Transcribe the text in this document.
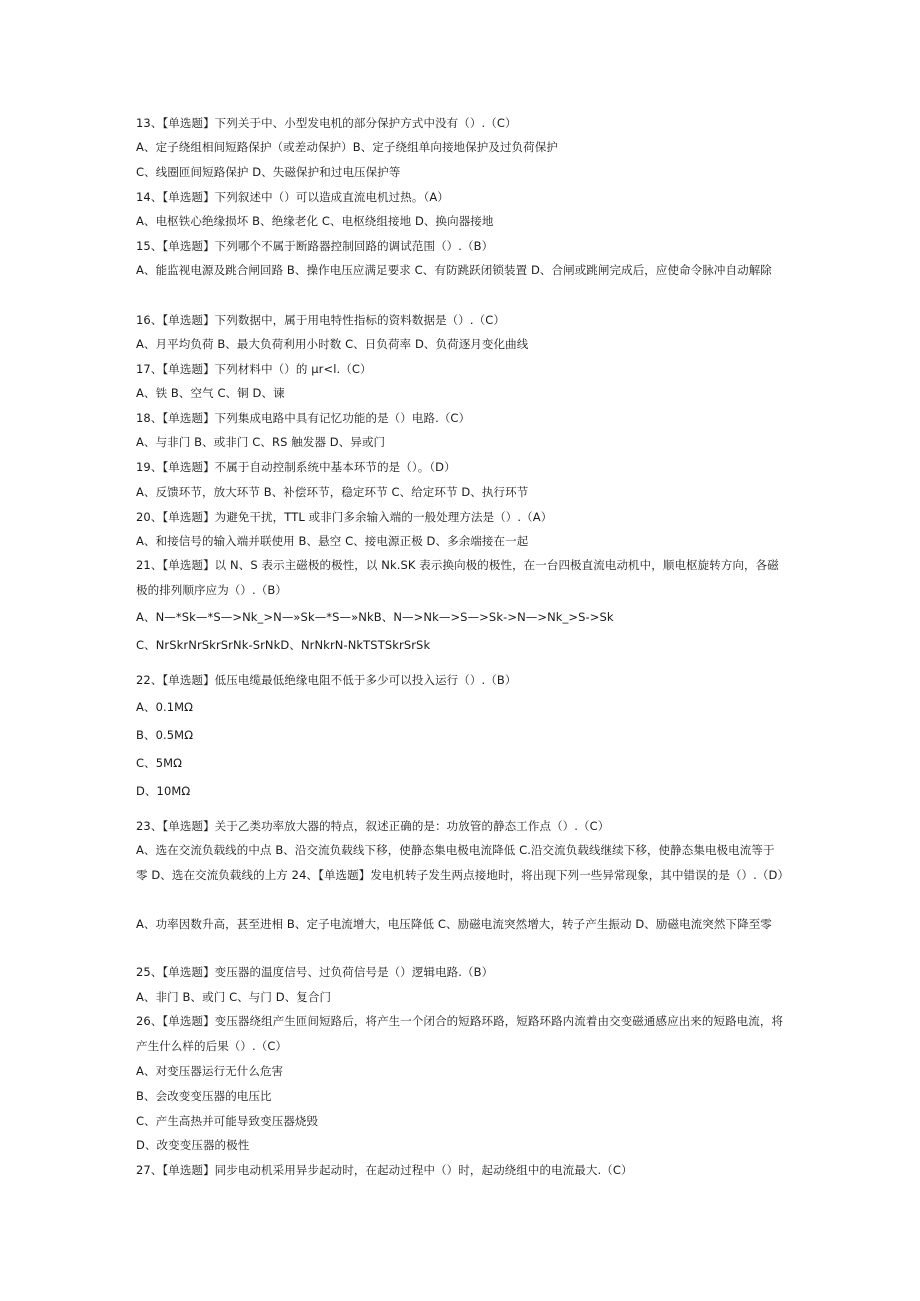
13、【单选题】下列关于中、小型发电机的部分保护方式中没有（）.（C）
A、定子绕组相间短路保护（或差动保护）B、定子绕组单向接地保护及过负荷保护
C、线圈匝间短路保护 D、失磁保护和过电压保护等
14、【单选题】下列叙述中（）可以造成直流电机过热。（A）
A、电枢铁心绝缘损坏 B、绝缘老化 C、电枢绕组接地 D、换向器接地
15、【单选题】下列哪个不属于断路器控制回路的调试范围（）.（B）
A、能监视电源及跳合闸回路 B、操作电压应满足要求 C、有防跳跃闭锁装置 D、合闸或跳闸完成后，应使命令脉冲自动解除
16、【单选题】下列数据中，属于用电特性指标的资料数据是（）.（C）
A、月平均负荷 B、最大负荷利用小时数 C、日负荷率 D、负荷逐月变化曲线
17、【单选题】下列材料中（）的 μr<l.（C）
A、铁 B、空气 C、铜 D、谏
18、【单选题】下列集成电路中具有记忆功能的是（）电路.（C）
A、与非门 B、或非门 C、RS 触发器 D、异或门
19、【单选题】不属于自动控制系统中基本环节的是（）。（D）
A、反馈环节，放大环节 B、补偿环节，稳定环节 C、给定环节 D、执行环节
20、【单选题】为避免干扰，TTL 或非门多余输入端的一般处理方法是（）.（A）
A、和接信号的输入端并联使用 B、悬空 C、接电源正极 D、多余端接在一起
21、【单选题】以 N、S 表示主磁极的极性，以 Nk.SK 表示换向极的极性，在一台四极直流电动机中，顺电枢旋转方向，各磁极的排列顺序应为（）.（B）
A、N—*Sk—*S—>Nk_>N—»Sk—*S—»NkB、N—>Nk—>S—>Sk->N—>Nk_>S->Sk
C、NrSkrNrSkrSrNk-SrNkD、NrNkrN-NkTSTSkrSrSk
22、【单选题】低压电缆最低绝缘电阻不低于多少可以投入运行（）.（B）
A、0.1MΩ
B、0.5MΩ
C、5MΩ
D、10MΩ
23、【单选题】关于乙类功率放大器的特点，叙述正确的是：功放管的静态工作点（）.（C）
A、选在交流负载线的中点 B、沿交流负载线下移，使静态集电极电流降低 C.沿交流负载线继续下移，使静态集电极电流等于零 D、选在交流负载线的上方 24、【单选题】发电机转子发生两点接地时，将出现下列一些异常现象，其中错误的是（）.（D）
A、功率因数升高，甚至进相 B、定子电流增大，电压降低 C、励磁电流突然增大，转子产生振动 D、励磁电流突然下降至零
25、【单选题】变压器的温度信号、过负荷信号是（）逻辑电路.（B）
A、非门 B、或门 C、与门 D、复合门
26、【单选题】变压器绕组产生匝间短路后，将产生一个闭合的短路环路，短路环路内流着由交变磁通感应出来的短路电流，将产生什么样的后果（）.（C）
A、对变压器运行无什么危害
B、会改变变压器的电压比
C、产生高热并可能导致变压器烧毁
D、改变变压器的极性
27、【单选题】同步电动机采用异步起动时，在起动过程中（）时，起动绕组中的电流最大.（C）
